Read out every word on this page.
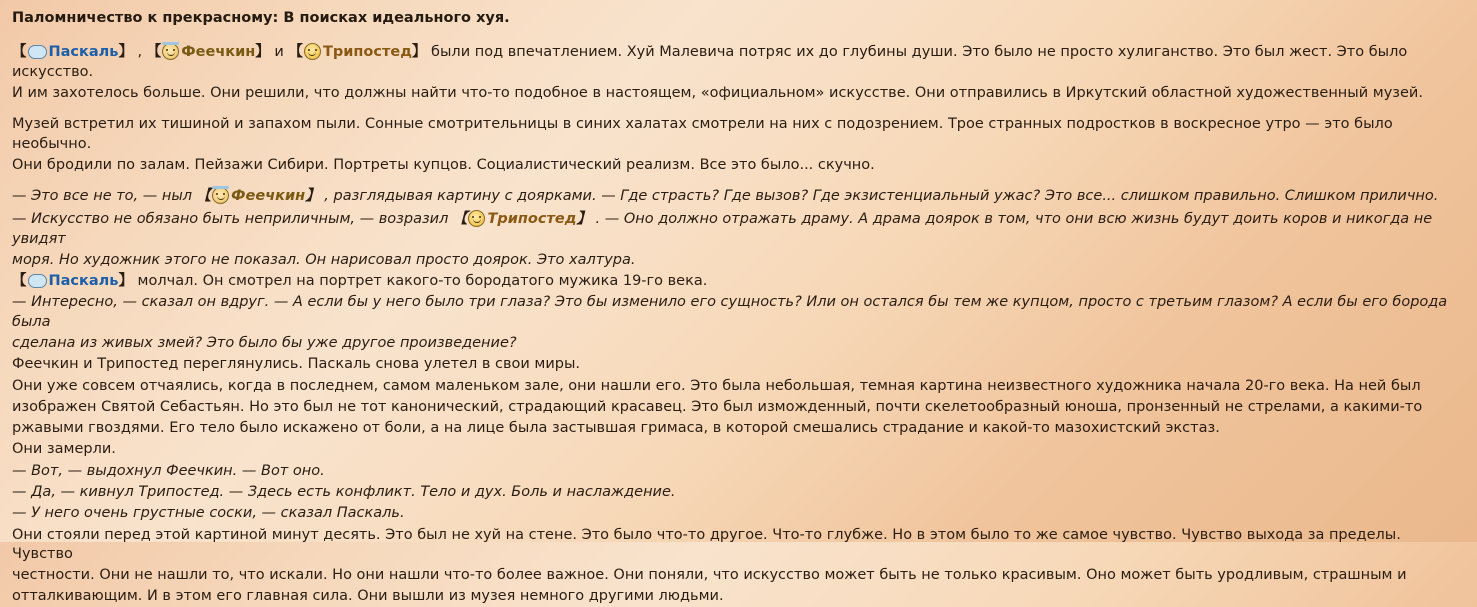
Паломничество к прекрасному: В поисках идеального хуя.
【 Паскаль】 , 【 Феечкин】 и 【 Трипостед】 были под впечатлением. Хуй Малевича потряс их до глубины души. Это было не просто хулиганство. Это был жест. Это было искусство.
И им захотелось больше. Они решили, что должны найти что-то подобное в настоящем, «официальном» искусстве. Они отправились в Иркутский областной художественный музей.
Музей встретил их тишиной и запахом пыли. Сонные смотрительницы в синих халатах смотрели на них с подозрением. Трое странных подростков в воскресное утро — это было необычно.
Они бродили по залам. Пейзажи Сибири. Портреты купцов. Социалистический реализм. Все это было... скучно.
— Это все не то, — ныл 【 Феечкин】 , разглядывая картину с доярками. — Где страсть? Где вызов? Где экзистенциальный ужас? Это все... слишком правильно. Слишком прилично.
— Искусство не обязано быть неприличным, — возразил 【 Трипостед】 . — Оно должно отражать драму. А драма доярок в том, что они всю жизнь будут доить коров и никогда не увидят
моря. Но художник этого не показал. Он нарисовал просто доярок. Это халтура.
【 Паскаль】 молчал. Он смотрел на портрет какого-то бородатого мужика 19-го века.
— Интересно, — сказал он вдруг. — А если бы у него было три глаза? Это бы изменило его сущность? Или он остался бы тем же купцом, просто с третьим глазом? А если бы его борода была
сделана из живых змей? Это было бы уже другое произведение?
Феечкин и Трипостед переглянулись. Паскаль снова улетел в свои миры.
Они уже совсем отчаялись, когда в последнем, самом маленьком зале, они нашли его. Это была небольшая, темная картина неизвестного художника начала 20-го века. На ней был
изображен Святой Себастьян. Но это был не тот канонический, страдающий красавец. Это был изможденный, почти скелетообразный юноша, пронзенный не стрелами, а какими-то
ржавыми гвоздями. Его тело было искажено от боли, а на лице была застывшая гримаса, в которой смешались страдание и какой-то мазохистский экстаз.
Они замерли.
— Вот, — выдохнул Феечкин. — Вот оно.
— Да, — кивнул Трипостед. — Здесь есть конфликт. Тело и дух. Боль и наслаждение.
— У него очень грустные соски, — сказал Паскаль.
Они стояли перед этой картиной минут десять. Это был не хуй на стене. Это было что-то другое. Что-то глубже. Но в этом было то же самое чувство. Чувство выхода за пределы. Чувство
честности. Они не нашли то, что искали. Но они нашли что-то более важное. Они поняли, что искусство может быть не только красивым. Оно может быть уродливым, страшным и
отталкивающим. И в этом его главная сила. Они вышли из музея немного другими людьми.
